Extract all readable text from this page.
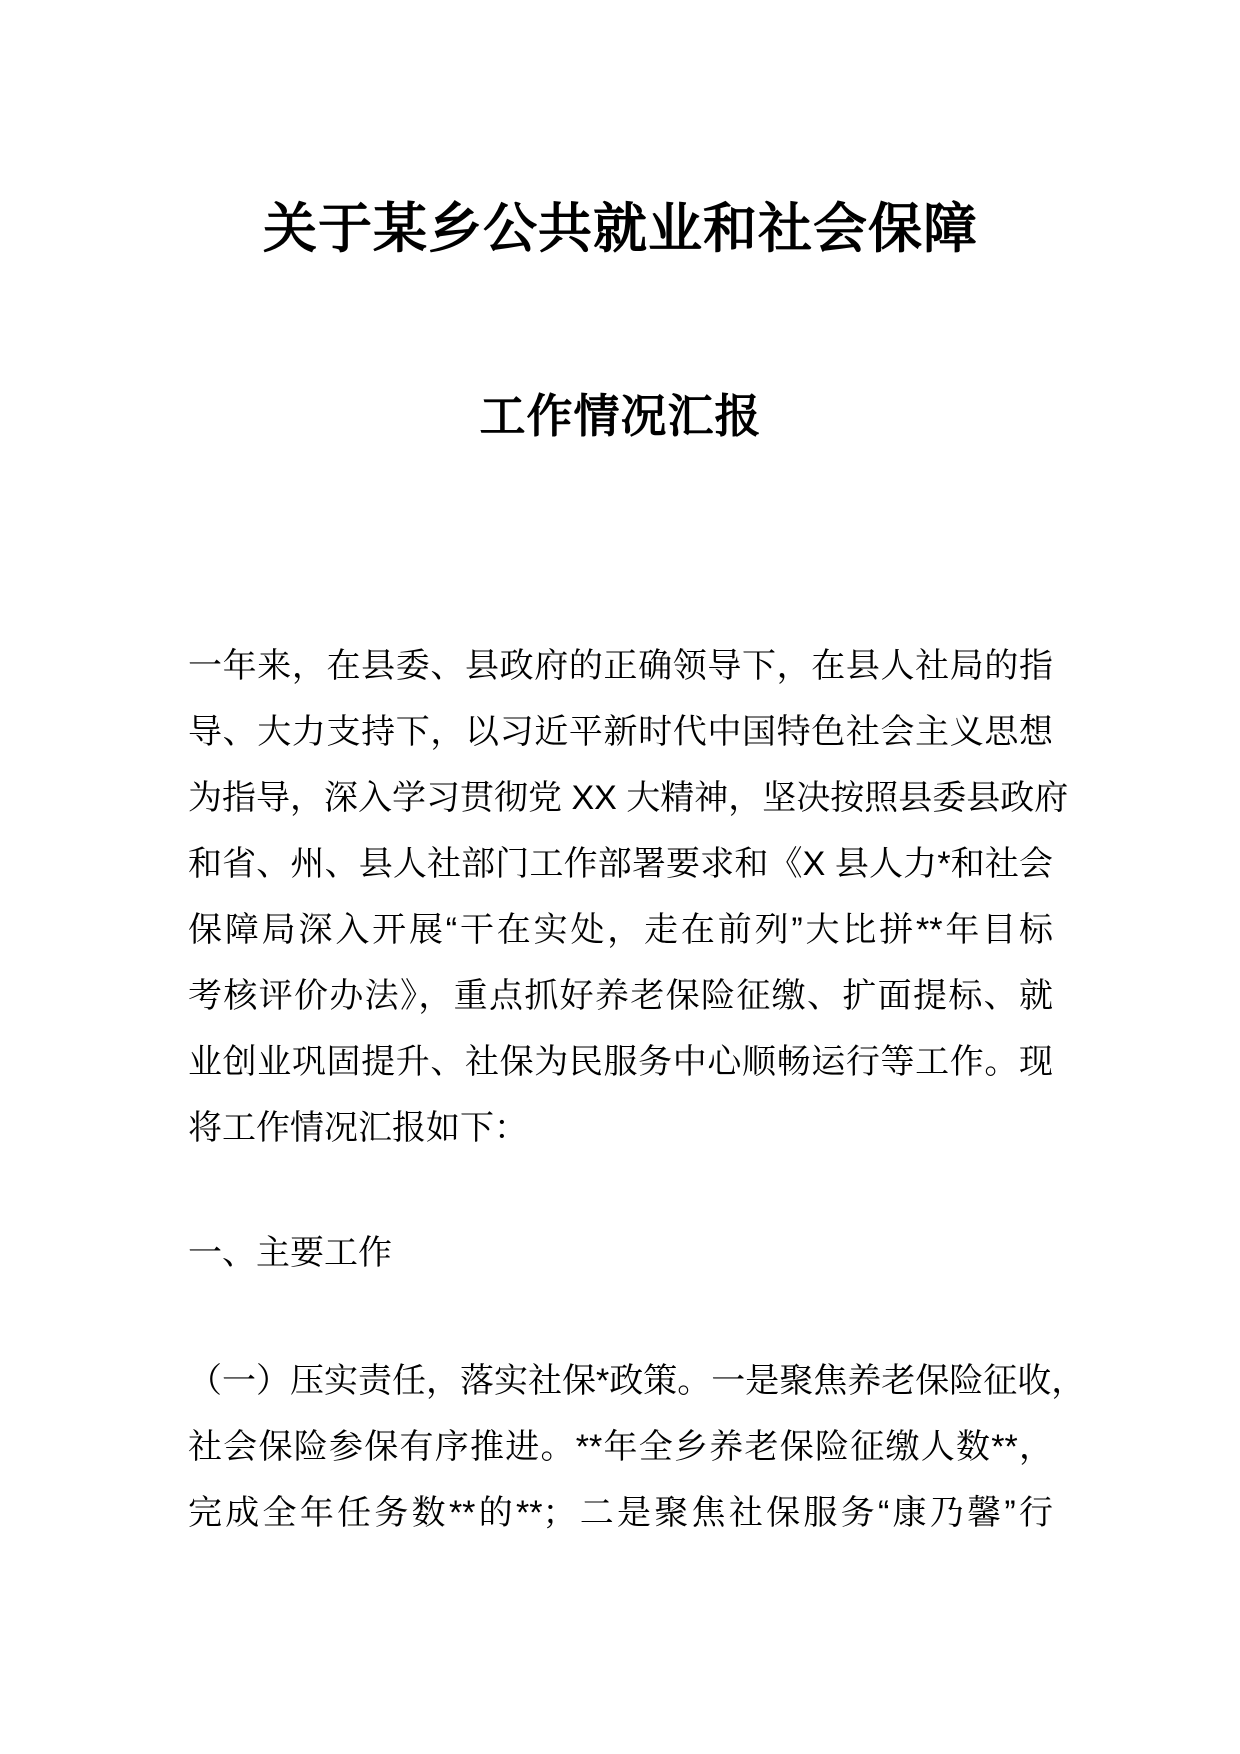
关于某乡公共就业和社会保障
工作情况汇报
一年来，在县委、县政府的正确领导下，在县人社局的指
导、大力支持下，以习近平新时代中国特色社会主义思想
为指导，深入学习贯彻党 XX 大精神，坚决按照县委县政府
和省、州、县人社部门工作部署要求和《X 县人力*和社会
保障局深入开展“干在实处，走在前列”大比拼**年目标
考核评价办法》，重点抓好养老保险征缴、扩面提标、就
业创业巩固提升、社保为民服务中心顺畅运行等工作。现
将工作情况汇报如下：
一、主要工作
（一）压实责任，落实社保*政策。一是聚焦养老保险征收，
社会保险参保有序推进。**年全乡养老保险征缴人数**，
完成全年任务数**的**；二是聚焦社保服务“康乃馨”行
